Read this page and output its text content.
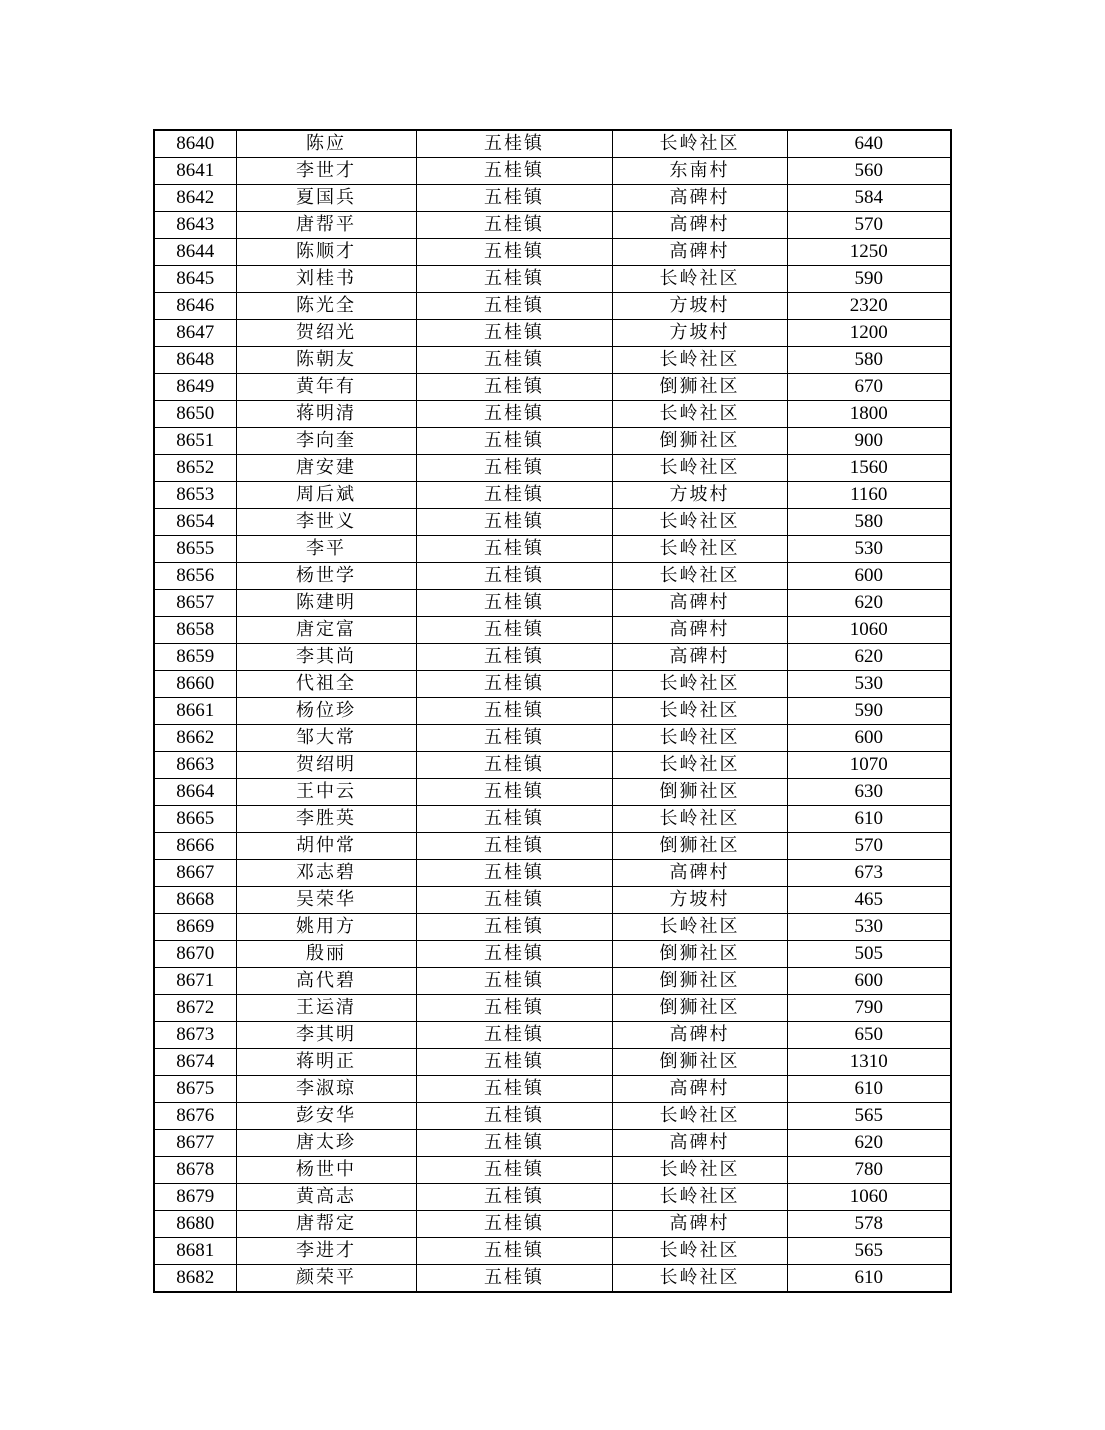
8640	陈应	五桂镇	长岭社区	640
8641	李世才	五桂镇	东南村	560
8642	夏国兵	五桂镇	高碑村	584
8643	唐帮平	五桂镇	高碑村	570
8644	陈顺才	五桂镇	高碑村	1250
8645	刘桂书	五桂镇	长岭社区	590
8646	陈光全	五桂镇	方坡村	2320
8647	贺绍光	五桂镇	方坡村	1200
8648	陈朝友	五桂镇	长岭社区	580
8649	黄年有	五桂镇	倒狮社区	670
8650	蒋明清	五桂镇	长岭社区	1800
8651	李向奎	五桂镇	倒狮社区	900
8652	唐安建	五桂镇	长岭社区	1560
8653	周后斌	五桂镇	方坡村	1160
8654	李世义	五桂镇	长岭社区	580
8655	李平	五桂镇	长岭社区	530
8656	杨世学	五桂镇	长岭社区	600
8657	陈建明	五桂镇	高碑村	620
8658	唐定富	五桂镇	高碑村	1060
8659	李其尚	五桂镇	高碑村	620
8660	代祖全	五桂镇	长岭社区	530
8661	杨位珍	五桂镇	长岭社区	590
8662	邹大常	五桂镇	长岭社区	600
8663	贺绍明	五桂镇	长岭社区	1070
8664	王中云	五桂镇	倒狮社区	630
8665	李胜英	五桂镇	长岭社区	610
8666	胡仲常	五桂镇	倒狮社区	570
8667	邓志碧	五桂镇	高碑村	673
8668	吴荣华	五桂镇	方坡村	465
8669	姚用方	五桂镇	长岭社区	530
8670	殷丽	五桂镇	倒狮社区	505
8671	高代碧	五桂镇	倒狮社区	600
8672	王运清	五桂镇	倒狮社区	790
8673	李其明	五桂镇	高碑村	650
8674	蒋明正	五桂镇	倒狮社区	1310
8675	李淑琼	五桂镇	高碑村	610
8676	彭安华	五桂镇	长岭社区	565
8677	唐太珍	五桂镇	高碑村	620
8678	杨世中	五桂镇	长岭社区	780
8679	黄高志	五桂镇	长岭社区	1060
8680	唐帮定	五桂镇	高碑村	578
8681	李进才	五桂镇	长岭社区	565
8682	颜荣平	五桂镇	长岭社区	610
